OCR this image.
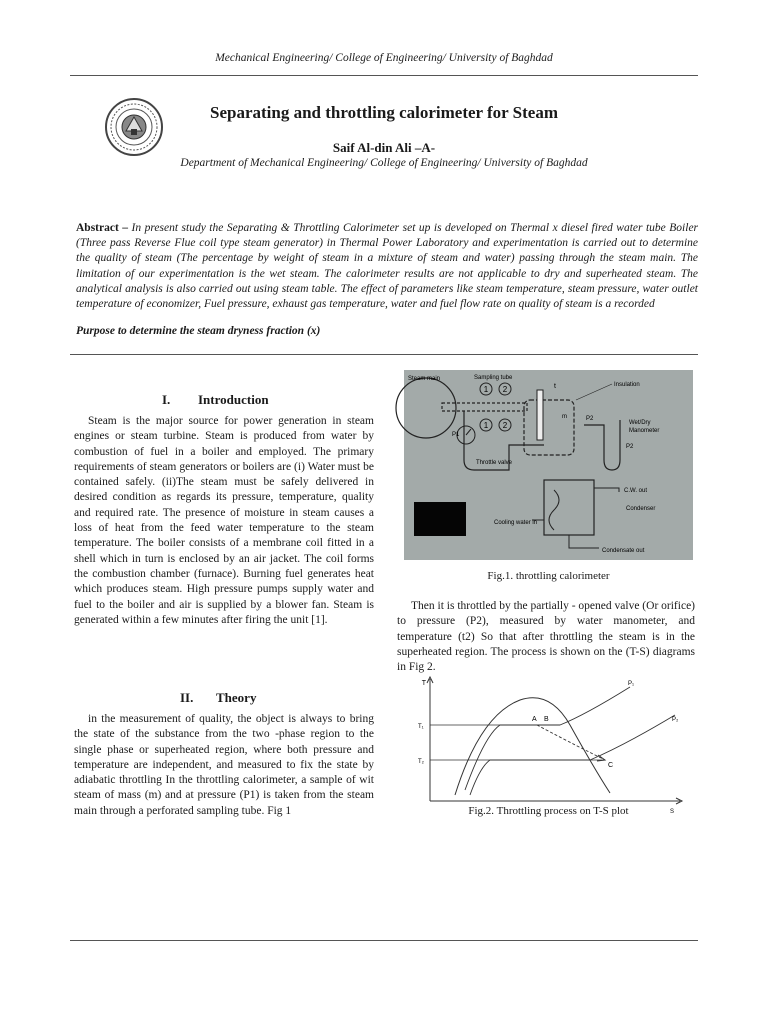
Mechanical Engineering/ College of Engineering/ University of Baghdad
Separating and throttling calorimeter for Steam
Saif Al-din Ali –A-
Department of Mechanical Engineering/ College of Engineering/ University of Baghdad
Abstract – In present study the Separating & Throttling Calorimeter set up is developed on Thermal x diesel fired water tube Boiler (Three pass Reverse Flue coil type steam generator) in Thermal Power Laboratory and experimentation is carried out to determine the quality of steam (The percentage by weight of steam in a mixture of steam and water) passing through the steam main. The limitation of our experimentation is the wet steam. The calorimeter results are not applicable to dry and superheated steam. The analytical analysis is also carried out using steam table. The effect of parameters like steam temperature, steam pressure, water outlet temperature of economizer, Fuel pressure, exhaust gas temperature, water and fuel flow rate on quality of steam is a recorded
Purpose to determine the steam dryness fraction (x)
I. Introduction

Steam is the major source for power generation in steam engines or steam turbine. Steam is produced from water by combustion of fuel in a boiler and employed. The primary requirements of steam generators or boilers are (i) Water must be contained safely. (ii)The steam must be safely delivered in desired condition as regards its pressure, temperature, quality and required rate. The presence of moisture in steam causes a loss of heat from the feed water temperature to the steam temperature. The boiler consists of a membrane coil fitted in a shell which in turn is enclosed by an air jacket. The coil forms the combustion chamber (furnace). Burning fuel generates heat which produces steam. High pressure pumps supply water and fuel to the boiler and air is supplied by a blower fan. Steam is generated within a few minutes after firing the unit [1].

II. Theory

in the measurement of quality, the object is always to bring the state of the substance from the two -phase region to the single phase or superheated region, where both pressure and temperature are independent, and measured to fix the state by adiabatic throttling In the throttling calorimeter, a sample of wit steam of mass (m) and at pressure (P1) is taken from the steam main through a perforated sampling tube. Fig 1

1 2
1 2
P1
Throttle valve
t
m	P2
P2
Wet/Dry
Manometer
Insulation
C.W. out
Condenser
Cooling water in
Condensate out
Steam main	Sampling tube
Fig.1. throttling calorimeter

Then it is throttled by the partially - opened valve (Or orifice) to pressure (P2), measured by water manometer, and temperature (t2) So that after throttling the steam is in the superheated region. The process is shown on the (T-S) diagrams in Fig 2.

T
S
T₁
T₂
P₁
P₂
A B
C
Fig.2. Throttling process on T-S plot
